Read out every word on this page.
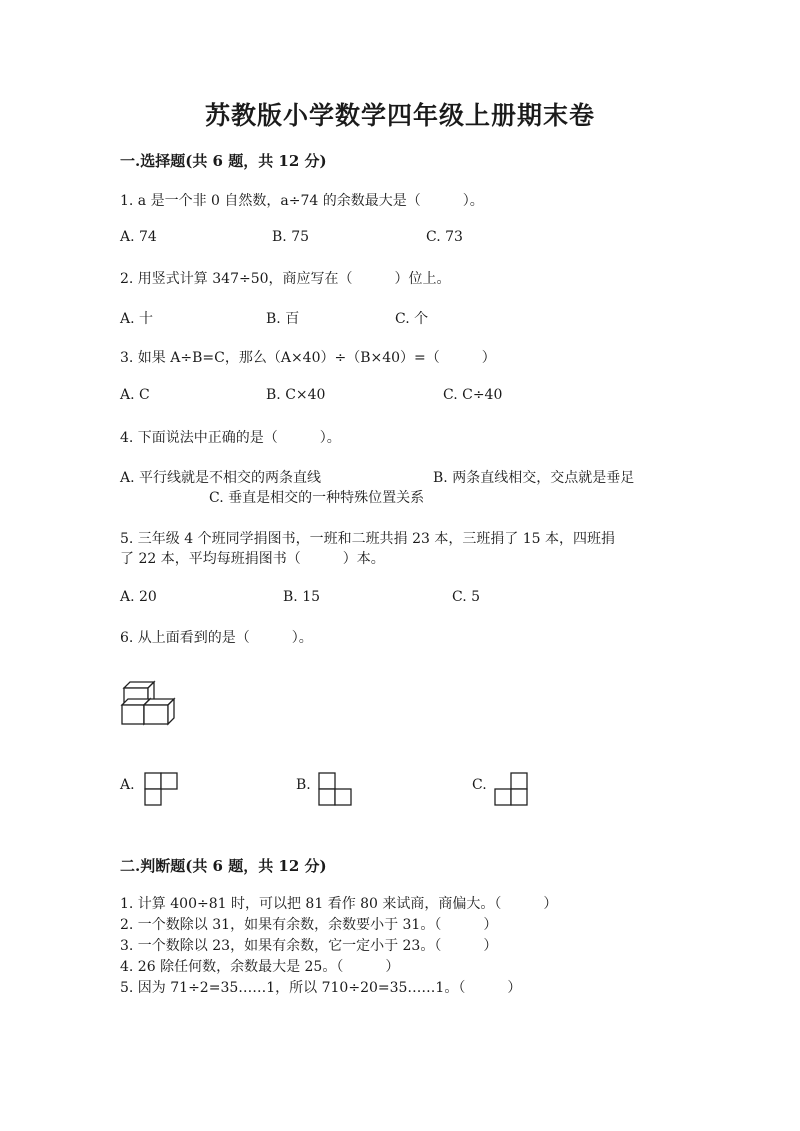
苏教版小学数学四年级上册期末卷
一.选择题(共 6 题，共 12 分)
1. a 是一个非 0 自然数，a÷74 的余数最大是（　　　）。
A. 74	B. 75	C. 73
2. 用竖式计算 347÷50，商应写在（　　　）位上。
A. 十	B. 百	C. 个
3. 如果 A÷B=C，那么（A×40）÷（B×40）=（　　　）
A. C	B. C×40	C. C÷40
4. 下面说法中正确的是（　　　）。
A. 平行线就是不相交的两条直线	B. 两条直线相交，交点就是垂足
C. 垂直是相交的一种特殊位置关系
5. 三年级 4 个班同学捐图书，一班和二班共捐 23 本，三班捐了 15 本，四班捐
了 22 本，平均每班捐图书（　　　）本。
A. 20	B. 15	C. 5
6. 从上面看到的是（　　　）。
A.	B.	C.
二.判断题(共 6 题，共 12 分)
1. 计算 400÷81 时，可以把 81 看作 80 来试商，商偏大。（　　　）
2. 一个数除以 31，如果有余数，余数要小于 31。（　　　）
3. 一个数除以 23，如果有余数，它一定小于 23。（　　　）
4. 26 除任何数，余数最大是 25。（　　　）
5. 因为 71÷2=35……1，所以 710÷20=35……1。（　　　）
